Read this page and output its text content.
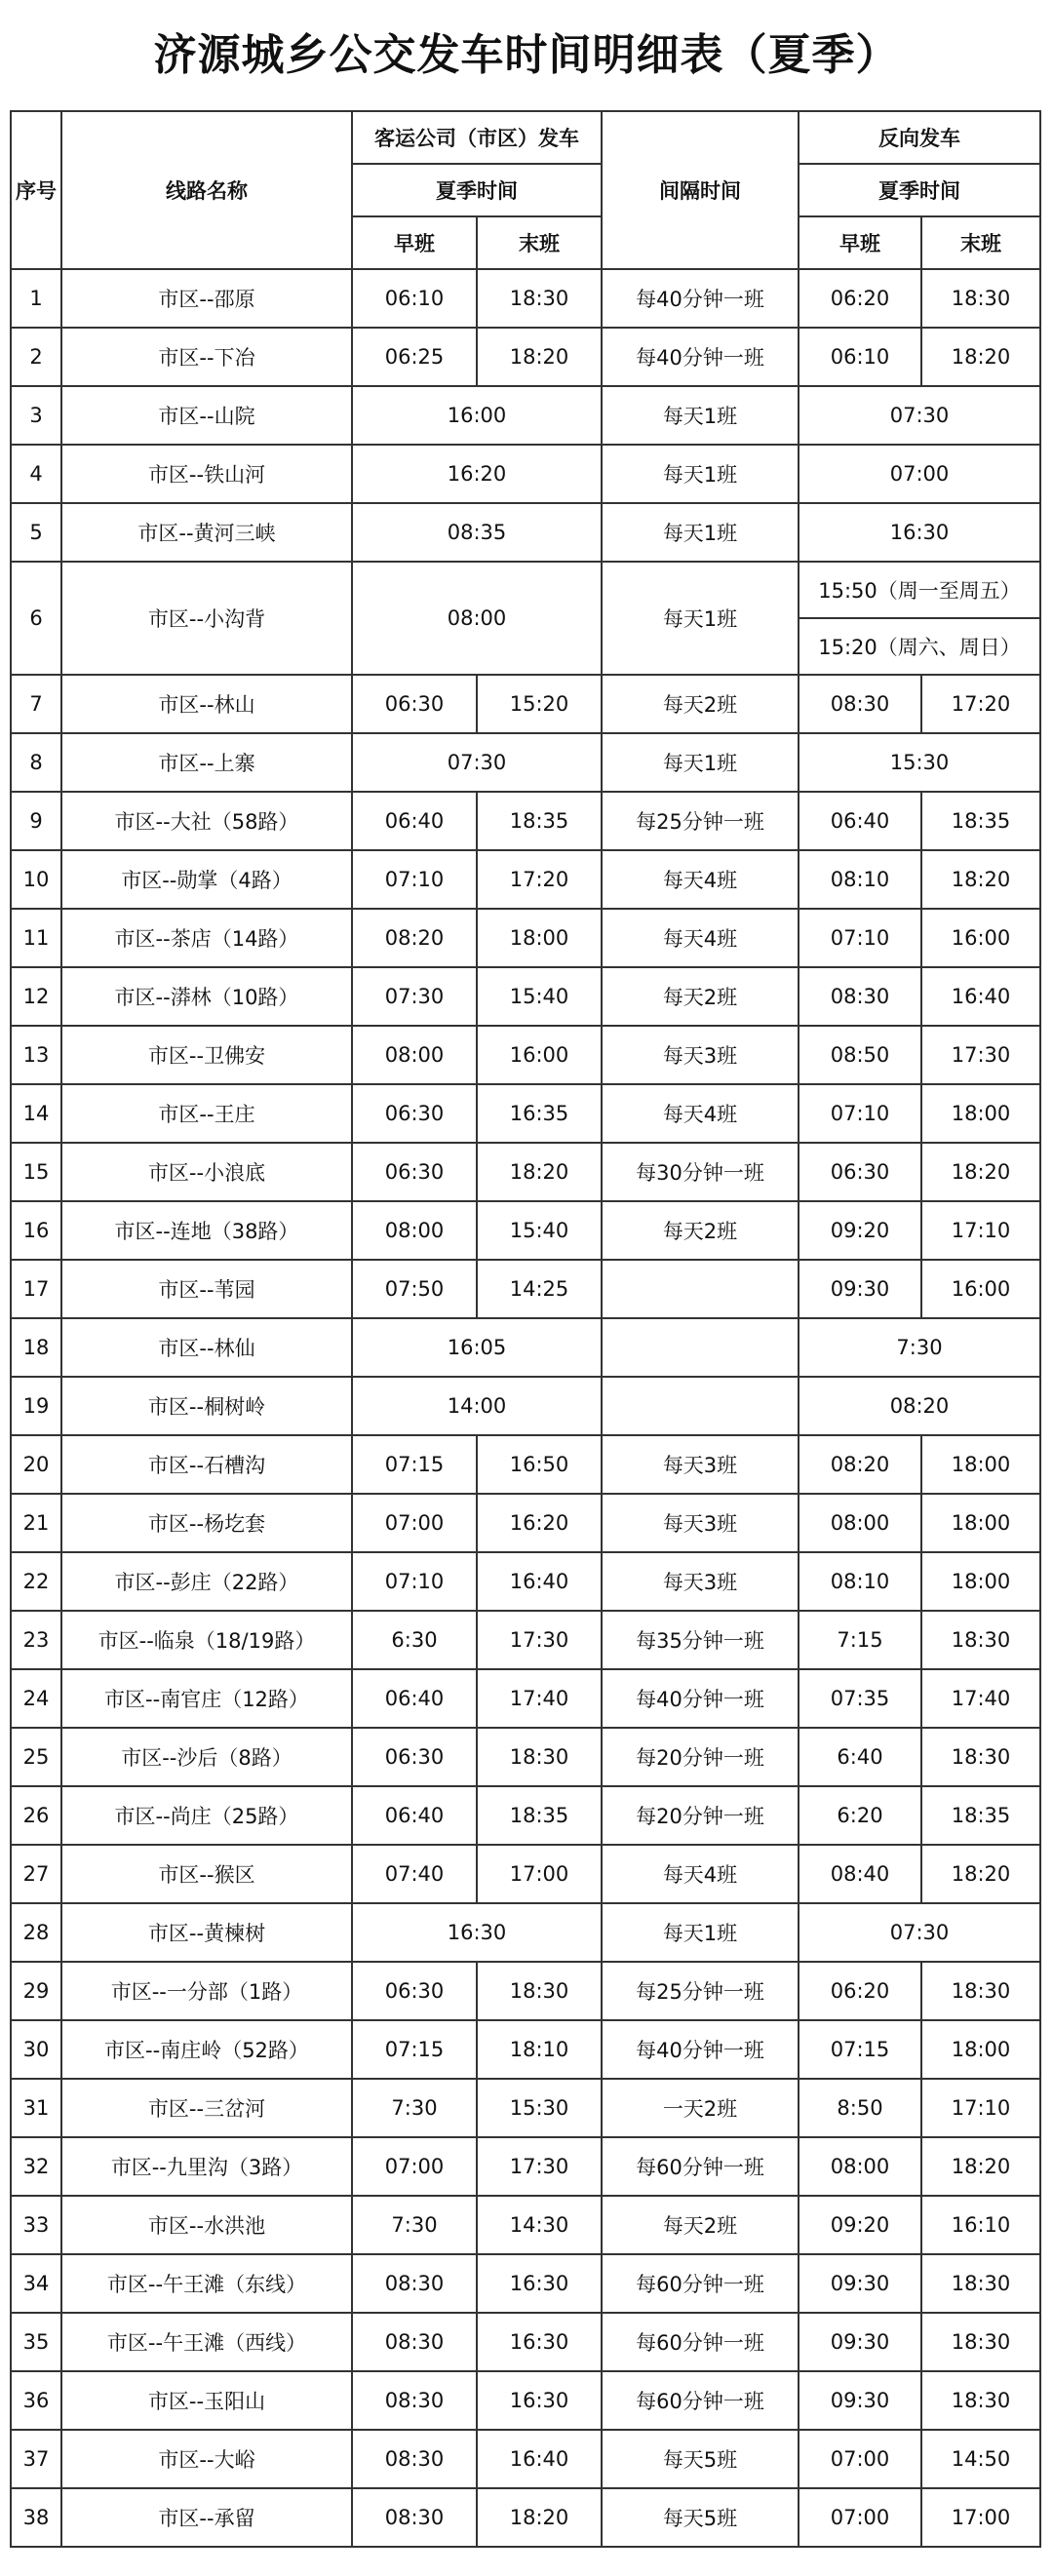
济源城乡公交发车时间明细表（夏季）
序号	线路名称	客运公司（市区）发车		间隔时间	反向发车	
		夏季时间			夏季时间	
		早班	末班		早班	末班
1	市区--邵原	06:10	18:30	每40分钟一班	06:20	18:30
2	市区--下冶	06:25	18:20	每40分钟一班	06:10	18:20
3	市区--山院	16:00		每天1班	07:30	
4	市区--铁山河	16:20		每天1班	07:00	
5	市区--黄河三峡	08:35		每天1班	16:30	
6	市区--小沟背	08:00		每天1班	15:50（周一至周五）	
					15:20（周六、周日）	
7	市区--林山	06:30	15:20	每天2班	08:30	17:20
8	市区--上寨	07:30		每天1班	15:30	
9	市区--大社（58路）	06:40	18:35	每25分钟一班	06:40	18:35
10	市区--勋掌（4路）	07:10	17:20	每天4班	08:10	18:20
11	市区--茶店（14路）	08:20	18:00	每天4班	07:10	16:00
12	市区--漭林（10路）	07:30	15:40	每天2班	08:30	16:40
13	市区--卫佛安	08:00	16:00	每天3班	08:50	17:30
14	市区--王庄	06:30	16:35	每天4班	07:10	18:00
15	市区--小浪底	06:30	18:20	每30分钟一班	06:30	18:20
16	市区--连地（38路）	08:00	15:40	每天2班	09:20	17:10
17	市区--苇园	07:50	14:25		09:30	16:00
18	市区--林仙	16:05			7:30	
19	市区--桐树岭	14:00			08:20	
20	市区--石槽沟	07:15	16:50	每天3班	08:20	18:00
21	市区--杨圪套	07:00	16:20	每天3班	08:00	18:00
22	市区--彭庄（22路）	07:10	16:40	每天3班	08:10	18:00
23	市区--临泉（18/19路）	6:30	17:30	每35分钟一班	7:15	18:30
24	市区--南官庄（12路）	06:40	17:40	每40分钟一班	07:35	17:40
25	市区--沙后（8路）	06:30	18:30	每20分钟一班	6:40	18:30
26	市区--尚庄（25路）	06:40	18:35	每20分钟一班	6:20	18:35
27	市区--猴区	07:40	17:00	每天4班	08:40	18:20
28	市区--黄楝树	16:30		每天1班	07:30	
29	市区--一分部（1路）	06:30	18:30	每25分钟一班	06:20	18:30
30	市区--南庄岭（52路）	07:15	18:10	每40分钟一班	07:15	18:00
31	市区--三岔河	7:30	15:30	一天2班	8:50	17:10
32	市区--九里沟（3路）	07:00	17:30	每60分钟一班	08:00	18:20
33	市区--水洪池	7:30	14:30	每天2班	09:20	16:10
34	市区--午王滩（东线）	08:30	16:30	每60分钟一班	09:30	18:30
35	市区--午王滩（西线）	08:30	16:30	每60分钟一班	09:30	18:30
36	市区--玉阳山	08:30	16:30	每60分钟一班	09:30	18:30
37	市区--大峪	08:30	16:40	每天5班	07:00	14:50
38	市区--承留	08:30	18:20	每天5班	07:00	17:00
